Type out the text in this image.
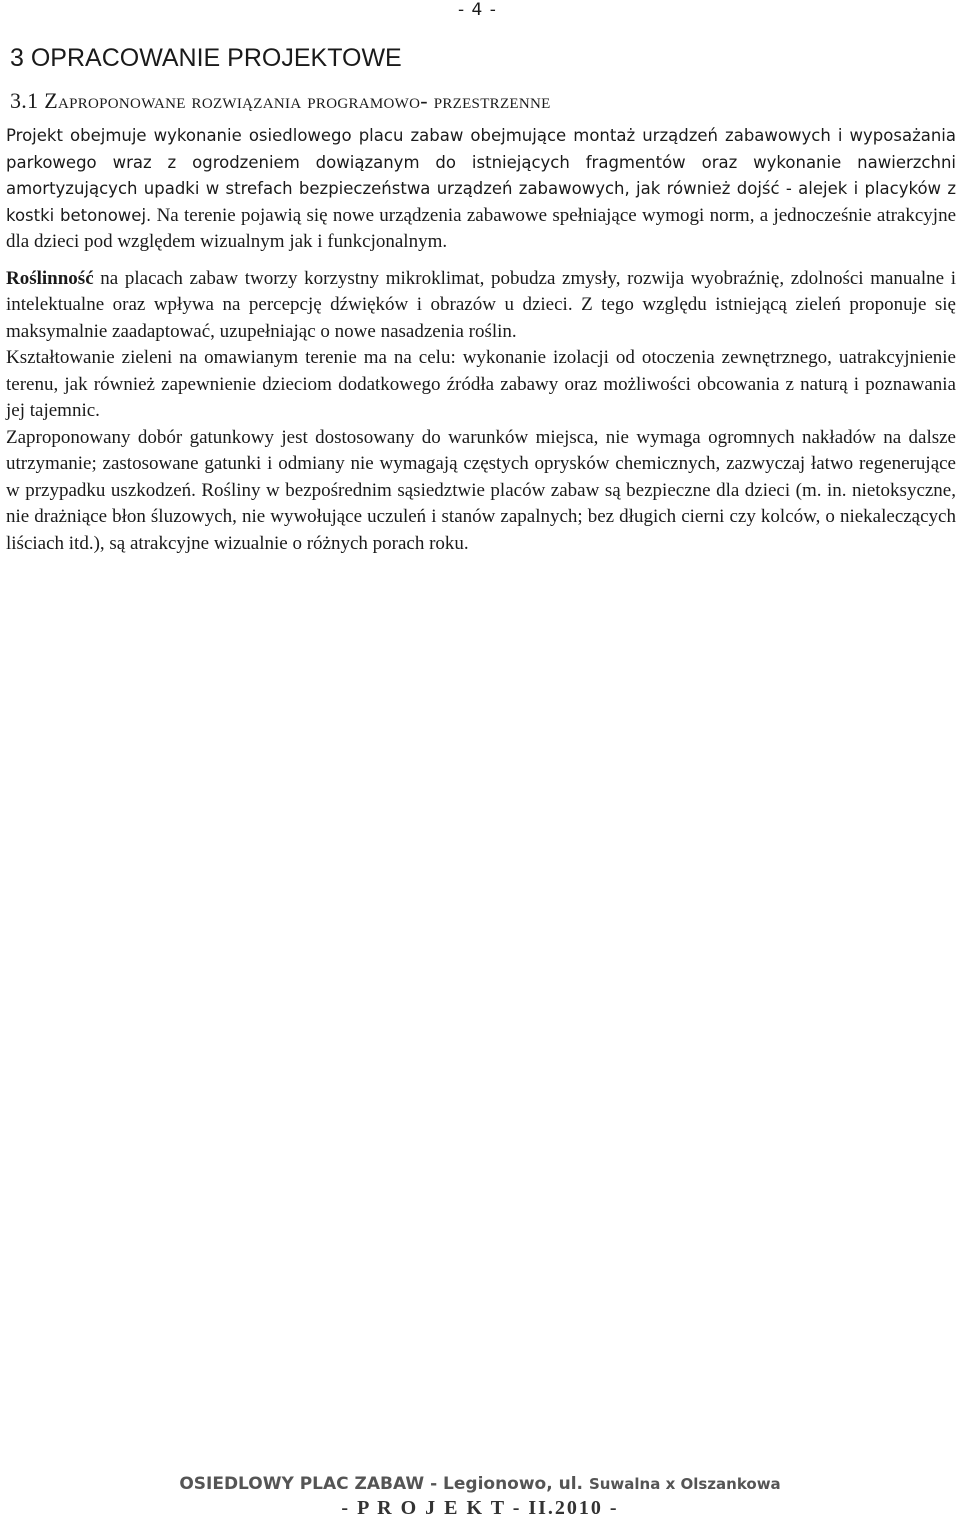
- 4 -
3 OPRACOWANIE PROJEKTOWE
3.1 Zaproponowane rozwiązania programowo- przestrzenne

Projekt obejmuje wykonanie osiedlowego placu zabaw obejmujące montaż urządzeń zabawowych i wyposażania parkowego wraz z ogrodzeniem dowiązanym do istniejących fragmentów oraz wykonanie nawierzchni amortyzujących upadki w strefach bezpieczeństwa urządzeń zabawowych, jak również dojść - alejek i placyków z kostki betonowej. Na terenie pojawią się nowe urządzenia zabawowe spełniające wymogi norm, a jednocześnie atrakcyjne dla dzieci pod względem wizualnym jak i funkcjonalnym.

Roślinność na placach zabaw tworzy korzystny mikroklimat, pobudza zmysły, rozwija wyobraźnię, zdolności manualne i intelektualne oraz wpływa na percepcję dźwięków i obrazów u dzieci. Z tego względu istniejącą zieleń proponuje się maksymalnie zaadaptować, uzupełniając o nowe nasadzenia roślin.

Kształtowanie zieleni na omawianym terenie ma na celu: wykonanie izolacji od otoczenia zewnętrznego, uatrakcyjnienie terenu, jak również zapewnienie dzieciom dodatkowego źródła zabawy oraz możliwości obcowania z naturą i poznawania jej tajemnic.

Zaproponowany dobór gatunkowy jest dostosowany do warunków miejsca, nie wymaga ogromnych nakładów na dalsze utrzymanie; zastosowane gatunki i odmiany nie wymagają częstych oprysków chemicznych, zazwyczaj łatwo regenerujące w przypadku uszkodzeń. Rośliny w bezpośrednim sąsiedztwie placów zabaw są bezpieczne dla dzieci (m. in. nietoksyczne, nie drażniące błon śluzowych, nie wywołujące uczuleń i stanów zapalnych; bez długich cierni czy kolców, o niekaleczących liściach itd.), są atrakcyjne wizualnie o różnych porach roku.

OSIEDLOWY PLAC ZABAW - Legionowo, ul. Suwalna x Olszankowa
- P R O J E K T - II.2010 -
